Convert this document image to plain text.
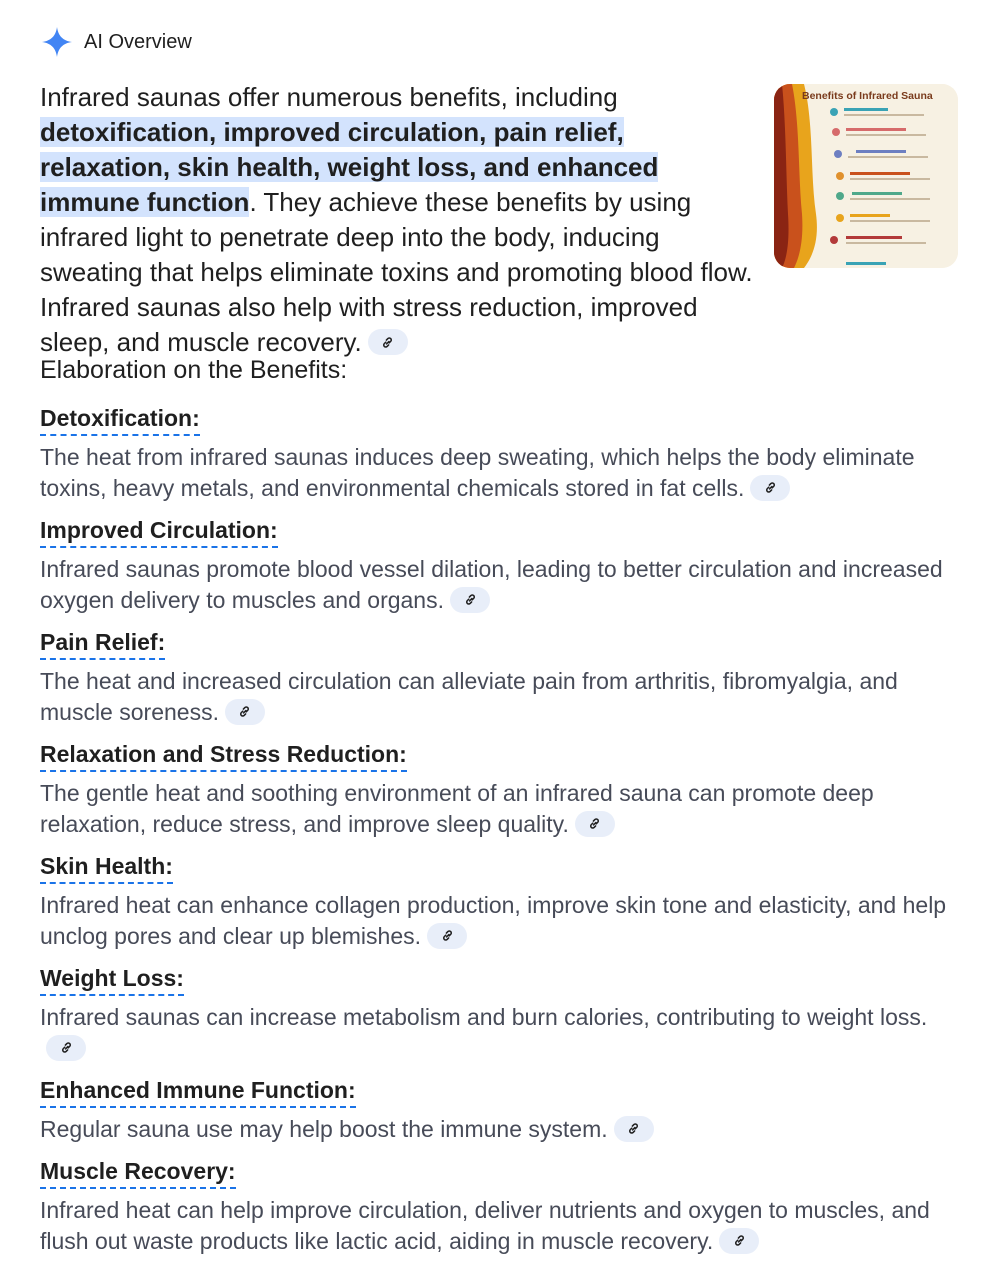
AI Overview

Infrared saunas offer numerous benefits, including detoxification, improved circulation, pain relief, relaxation, skin health, weight loss, and enhanced immune function. They achieve these benefits by using infrared light to penetrate deep into the body, inducing sweating that helps eliminate toxins and promoting blood flow. Infrared saunas also help with stress reduction, improved sleep, and muscle recovery.

Benefits of Infrared Sauna
Elaboration on the Benefits:
Detoxification:
The heat from infrared saunas induces deep sweating, which helps the body eliminate toxins, heavy metals, and environmental chemicals stored in fat cells.
Improved Circulation:
Infrared saunas promote blood vessel dilation, leading to better circulation and increased oxygen delivery to muscles and organs.
Pain Relief:
The heat and increased circulation can alleviate pain from arthritis, fibromyalgia, and muscle soreness.
Relaxation and Stress Reduction:
The gentle heat and soothing environment of an infrared sauna can promote deep relaxation, reduce stress, and improve sleep quality.
Skin Health:
Infrared heat can enhance collagen production, improve skin tone and elasticity, and help unclog pores and clear up blemishes.
Weight Loss:
Infrared saunas can increase metabolism and burn calories, contributing to weight loss.
Enhanced Immune Function:
Regular sauna use may help boost the immune system.
Muscle Recovery:
Infrared heat can help improve circulation, deliver nutrients and oxygen to muscles, and flush out waste products like lactic acid, aiding in muscle recovery.
